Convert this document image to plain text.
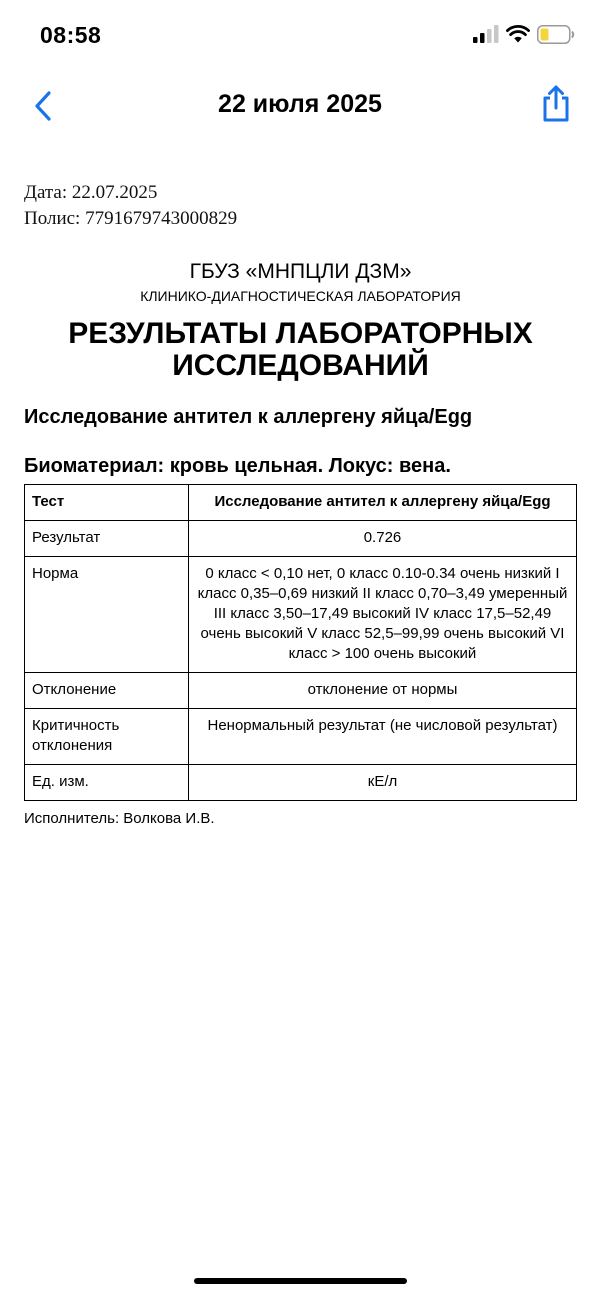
08:58
22 июля 2025
Дата: 22.07.2025
Полис: 7791679743000829
ГБУЗ «МНПЦЛИ ДЗМ»
КЛИНИКО-ДИАГНОСТИЧЕСКАЯ ЛАБОРАТОРИЯ
РЕЗУЛЬТАТЫ ЛАБОРАТОРНЫХ ИССЛЕДОВАНИЙ
Исследование антител к аллергену яйца/Egg
Биоматериал: кровь цельная. Локус: вена.
Тест	Исследование антител к аллергену яйца/Egg
Результат	0.726
Норма	0 класс < 0,10 нет, 0 класс 0.10-0.34 очень низкий I класс 0,35–0,69 низкий II класс 0,70–3,49 умеренный III класс 3,50–17,49 высокий IV класс 17,5–52,49 очень высокий V класс 52,5–99,99 очень высокий VI класс > 100 очень высокий
Отклонение	отклонение от нормы
Критичность отклонения	Ненормальный результат (не числовой результат)
Ед. изм.	кЕ/л
Исполнитель: Волкова И.В.
